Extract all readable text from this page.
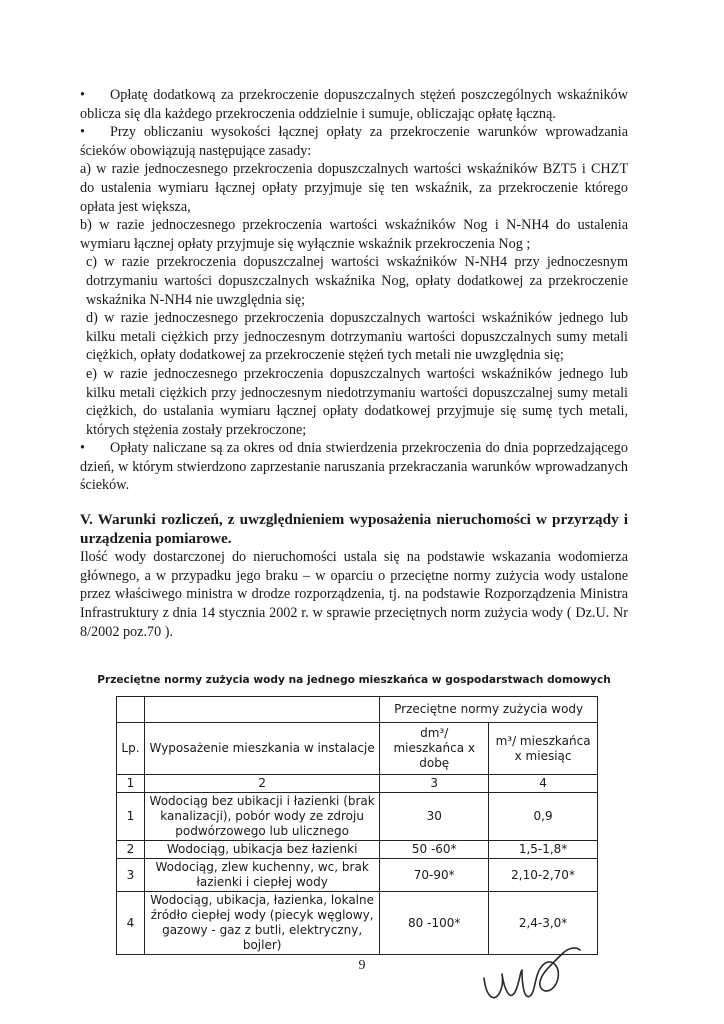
• Opłatę dodatkową za przekroczenie dopuszczalnych stężeń poszczególnych wskaźników oblicza się dla każdego przekroczenia oddzielnie i sumuje, obliczając opłatę łączną.

• Przy obliczaniu wysokości łącznej opłaty za przekroczenie warunków wprowadzania ścieków obowiązują następujące zasady:

a) w razie jednoczesnego przekroczenia dopuszczalnych wartości wskaźników BZT5 i CHZT do ustalenia wymiaru łącznej opłaty przyjmuje się ten wskaźnik, za przekroczenie którego opłata jest większa,

b) w razie jednoczesnego przekroczenia wartości wskaźników Nog i N-NH4 do ustalenia wymiaru łącznej opłaty przyjmuje się wyłącznie wskaźnik przekroczenia Nog ;

c) w razie przekroczenia dopuszczalnej wartości wskaźników N-NH4 przy jednoczesnym dotrzymaniu wartości dopuszczalnych wskaźnika Nog, opłaty dodatkowej za przekroczenie wskaźnika N-NH4 nie uwzględnia się;

d) w razie jednoczesnego przekroczenia dopuszczalnych wartości wskaźników jednego lub kilku metali ciężkich przy jednoczesnym dotrzymaniu wartości dopuszczalnych sumy metali ciężkich, opłaty dodatkowej za przekroczenie stężeń tych metali nie uwzględnia się;

e) w razie jednoczesnego przekroczenia dopuszczalnych wartości wskaźników jednego lub kilku metali ciężkich przy jednoczesnym niedotrzymaniu wartości dopuszczalnej sumy metali ciężkich, do ustalania wymiaru łącznej opłaty dodatkowej przyjmuje się sumę tych metali, których stężenia zostały przekroczone;

• Opłaty naliczane są za okres od dnia stwierdzenia przekroczenia do dnia poprzedzającego dzień, w którym stwierdzono zaprzestanie naruszania przekraczania warunków wprowadzanych ścieków.

V. Warunki rozliczeń, z uwzględnieniem wyposażenia nieruchomości w przyrządy i urządzenia pomiarowe.

Ilość wody dostarczonej do nieruchomości ustala się na podstawie wskazania wodomierza głównego, a w przypadku jego braku – w oparciu o przeciętne normy zużycia wody ustalone przez właściwego ministra w drodze rozporządzenia, tj. na podstawie Rozporządzenia Ministra Infrastruktury z dnia 14 stycznia 2002 r. w sprawie przeciętnych norm zużycia wody ( Dz.U. Nr 8/2002 poz.70 ).

Przeciętne normy zużycia wody na jednego mieszkańca w gospodarstwach domowych
		Przeciętne normy zużycia wody	
Lp.	Wyposażenie mieszkania w instalacje	dm³/ mieszkańca x dobę	m³/ mieszkańca x miesiąc
1	2	3	4
1	Wodociąg bez ubikacji i łazienki (brak kanalizacji), pobór wody ze zdroju podwórzowego lub ulicznego	30	0,9
2	Wodociąg, ubikacja bez łazienki	50 -60*	1,5-1,8*
3	Wodociąg, zlew kuchenny, wc, brak łazienki i ciepłej wody	70-90*	2,10-2,70*
4	Wodociąg, ubikacja, łazienka, lokalne źródło ciepłej wody (piecyk węglowy, gazowy - gaz z butli, elektryczny, bojler)	80 -100*	2,4-3,0*
9
